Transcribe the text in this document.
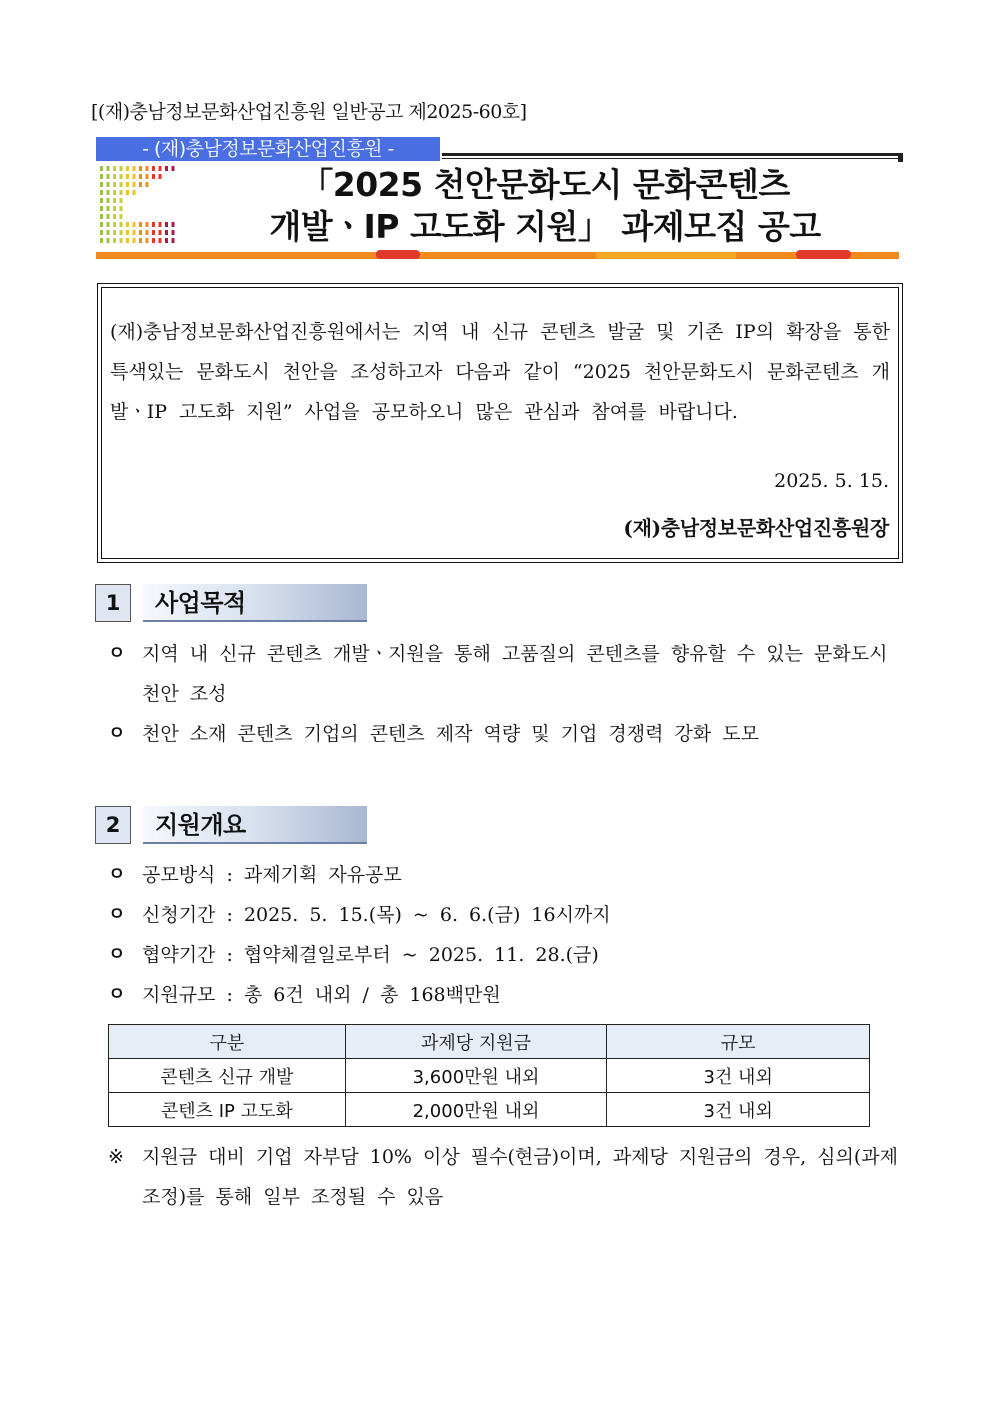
[(재)충남정보문화산업진흥원 일반공고 제2025-60호]
- (재)충남정보문화산업진흥원 -
「2025 천안문화도시 문화콘텐츠
개발ㆍIP 고도화 지원」 과제모집 공고
(재)충남정보문화산업진흥원에서는 지역 내 신규 콘텐츠 발굴 및 기존 IP의 확장을 통한 특색있는 문화도시 천안을 조성하고자 다음과 같이 “2025 천안문화도시 문화콘텐츠 개발ㆍIP 고도화 지원” 사업을 공모하오니 많은 관심과 참여를 바랍니다.
2025. 5. 15.
(재)충남정보문화산업진흥원장
1	사업목적
ㅇ 지역 내 신규 콘텐츠 개발ㆍ지원을 통해 고품질의 콘텐츠를 향유할 수 있는 문화도시 천안 조성
ㅇ 천안 소재 콘텐츠 기업의 콘텐츠 제작 역량 및 기업 경쟁력 강화 도모
2	지원개요
ㅇ 공모방식 : 과제기획 자유공모
ㅇ 신청기간 : 2025. 5. 15.(목) ~ 6. 6.(금) 16시까지
ㅇ 협약기간 : 협약체결일로부터 ~ 2025. 11. 28.(금)
ㅇ 지원규모 : 총 6건 내외 / 총 168백만원
구분	과제당 지원금	규모
콘텐츠 신규 개발	3,600만원 내외	3건 내외
콘텐츠 IP 고도화	2,000만원 내외	3건 내외
※ 지원금 대비 기업 자부담 10% 이상 필수(현금)이며, 과제당 지원금의 경우, 심의(과제조정)를 통해 일부 조정될 수 있음
